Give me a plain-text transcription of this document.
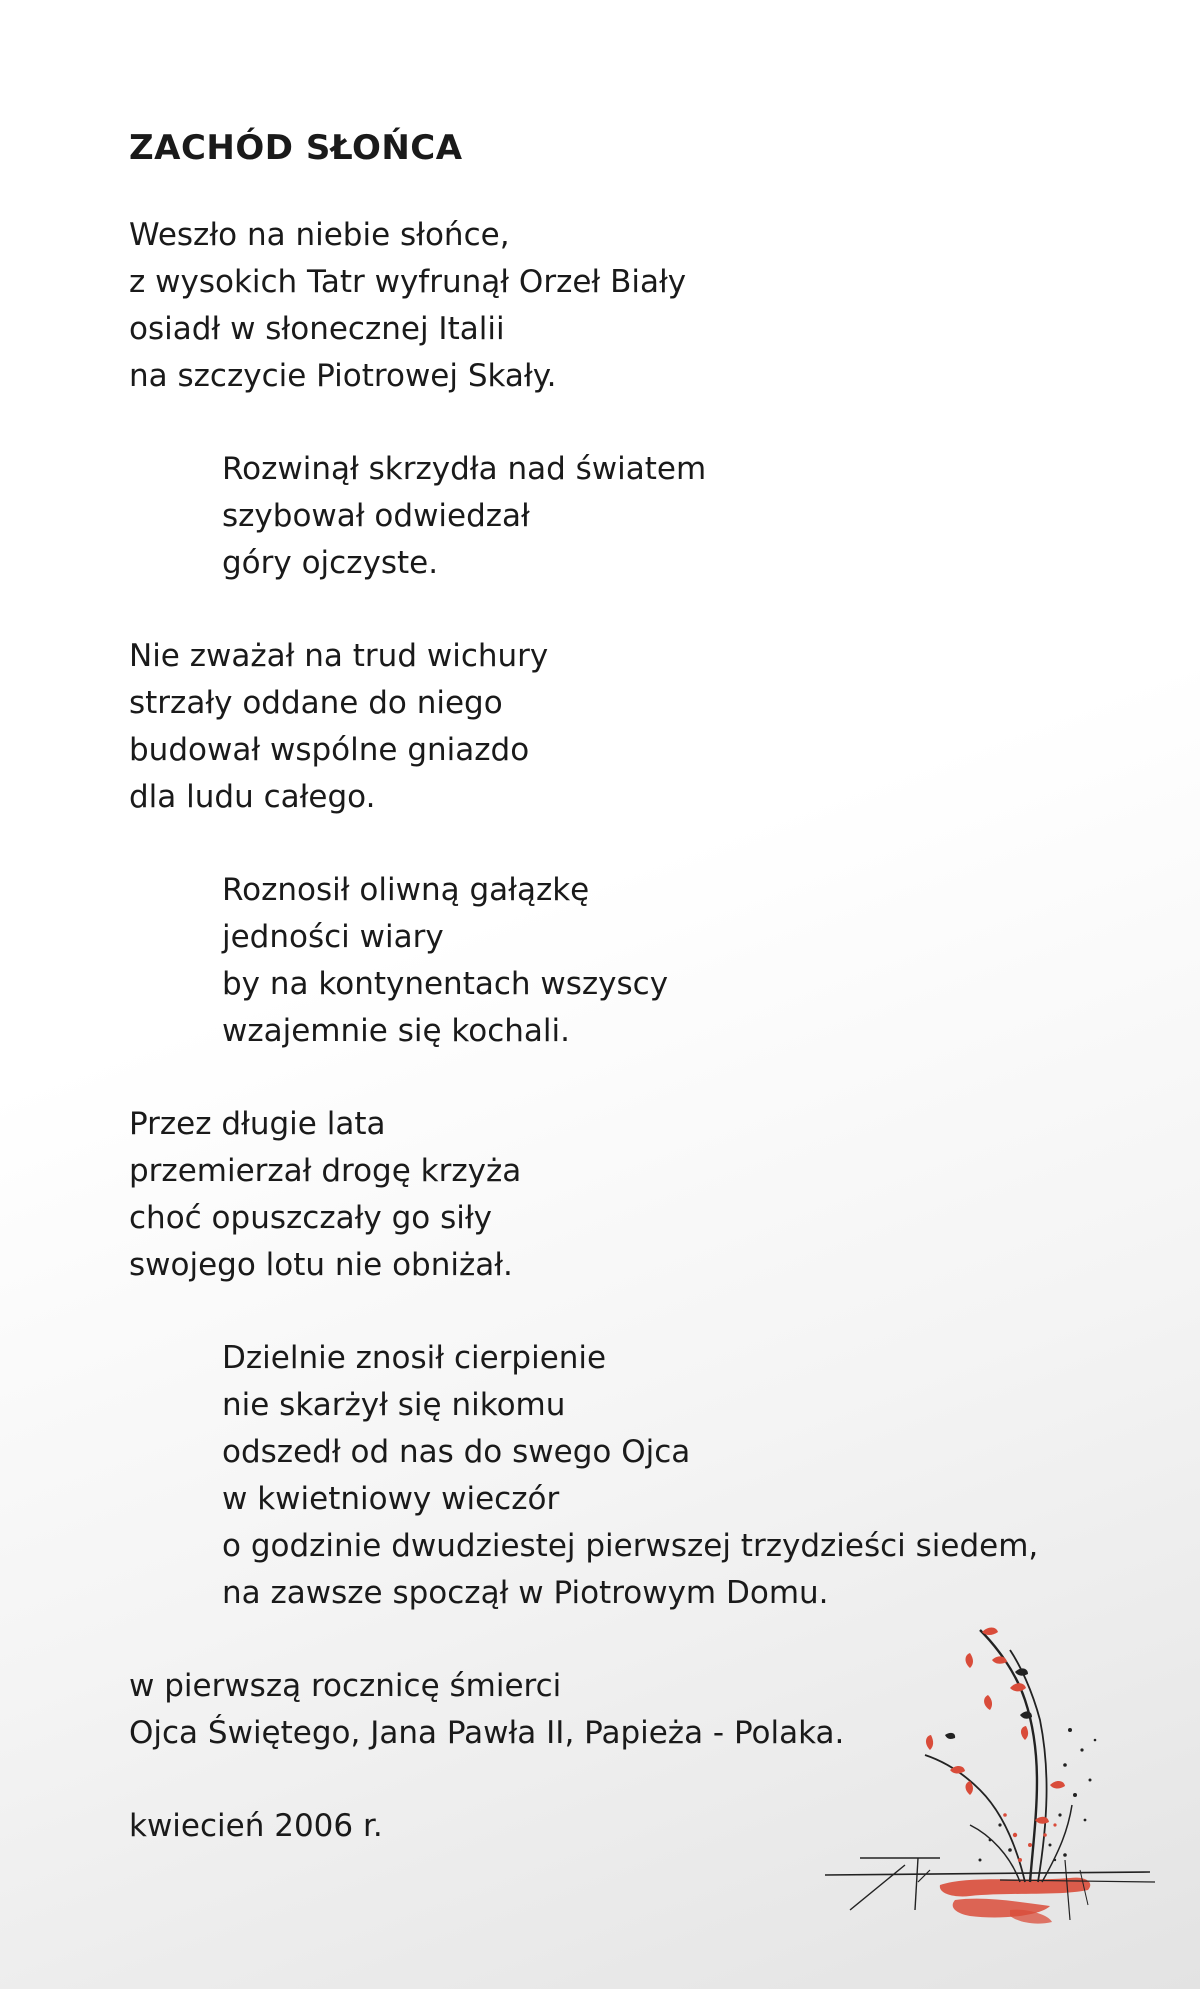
ZACHÓD SŁOŃCA
Weszło na niebie słońce,
z wysokich Tatr wyfrunął Orzeł Biały
osiadł w słonecznej Italii
na szczycie Piotrowej Skały.
Rozwinął skrzydła nad światem
szybował odwiedzał
góry ojczyste.
Nie zważał na trud wichury
strzały oddane do niego
budował wspólne gniazdo
dla ludu całego.
Roznosił oliwną gałązkę
jedności wiary
by na kontynentach wszyscy
wzajemnie się kochali.
Przez długie lata
przemierzał drogę krzyża
choć opuszczały go siły
swojego lotu nie obniżał.
Dzielnie znosił cierpienie
nie skarżył się nikomu
odszedł od nas do swego Ojca
w kwietniowy wieczór
o godzinie dwudziestej pierwszej trzydzieści siedem,
na zawsze spoczął w Piotrowym Domu.
w pierwszą rocznicę śmierci
Ojca Świętego, Jana Pawła II, Papieża - Polaka.
kwiecień 2006 r.
